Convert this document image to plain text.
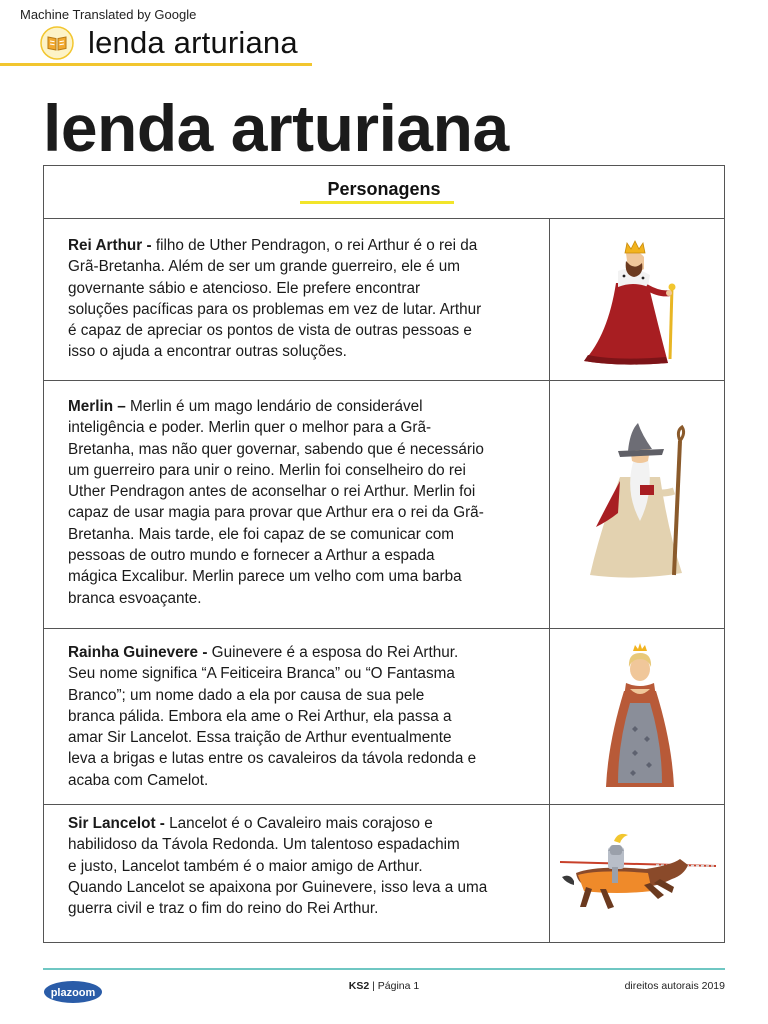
Machine Translated by Google
lenda arturiana
lenda arturiana
Personagens
Rei Arthur - filho de Uther Pendragon, o rei Arthur é o rei da
Grã-Bretanha. Além de ser um grande guerreiro, ele é um
governante sábio e atencioso. Ele prefere encontrar
soluções pacíficas para os problemas em vez de lutar. Arthur
é capaz de apreciar os pontos de vista de outras pessoas e
isso o ajuda a encontrar outras soluções.
Merlin – Merlin é um mago lendário de considerável
inteligência e poder. Merlin quer o melhor para a Grã-
Bretanha, mas não quer governar, sabendo que é necessário
um guerreiro para unir o reino. Merlin foi conselheiro do rei
Uther Pendragon antes de aconselhar o rei Arthur. Merlin foi
capaz de usar magia para provar que Arthur era o rei da Grã-
Bretanha. Mais tarde, ele foi capaz de se comunicar com
pessoas de outro mundo e fornecer a Arthur a espada
mágica Excalibur. Merlin parece um velho com uma barba
branca esvoaçante.
Rainha Guinevere - Guinevere é a esposa do Rei Arthur.
Seu nome significa “A Feiticeira Branca” ou “O Fantasma
Branco”; um nome dado a ela por causa de sua pele
branca pálida. Embora ela ame o Rei Arthur, ela passa a
amar Sir Lancelot. Essa traição de Arthur eventualmente
leva a brigas e lutas entre os cavaleiros da távola redonda e
acaba com Camelot.
Sir Lancelot - Lancelot é o Cavaleiro mais corajoso e
habilidoso da Távola Redonda. Um talentoso espadachim
e justo, Lancelot também é o maior amigo de Arthur.
Quando Lancelot se apaixona por Guinevere, isso leva a uma
guerra civil e traz o fim do reino do Rei Arthur.
plazoom
KS2 | Página 1	direitos autorais 2019
